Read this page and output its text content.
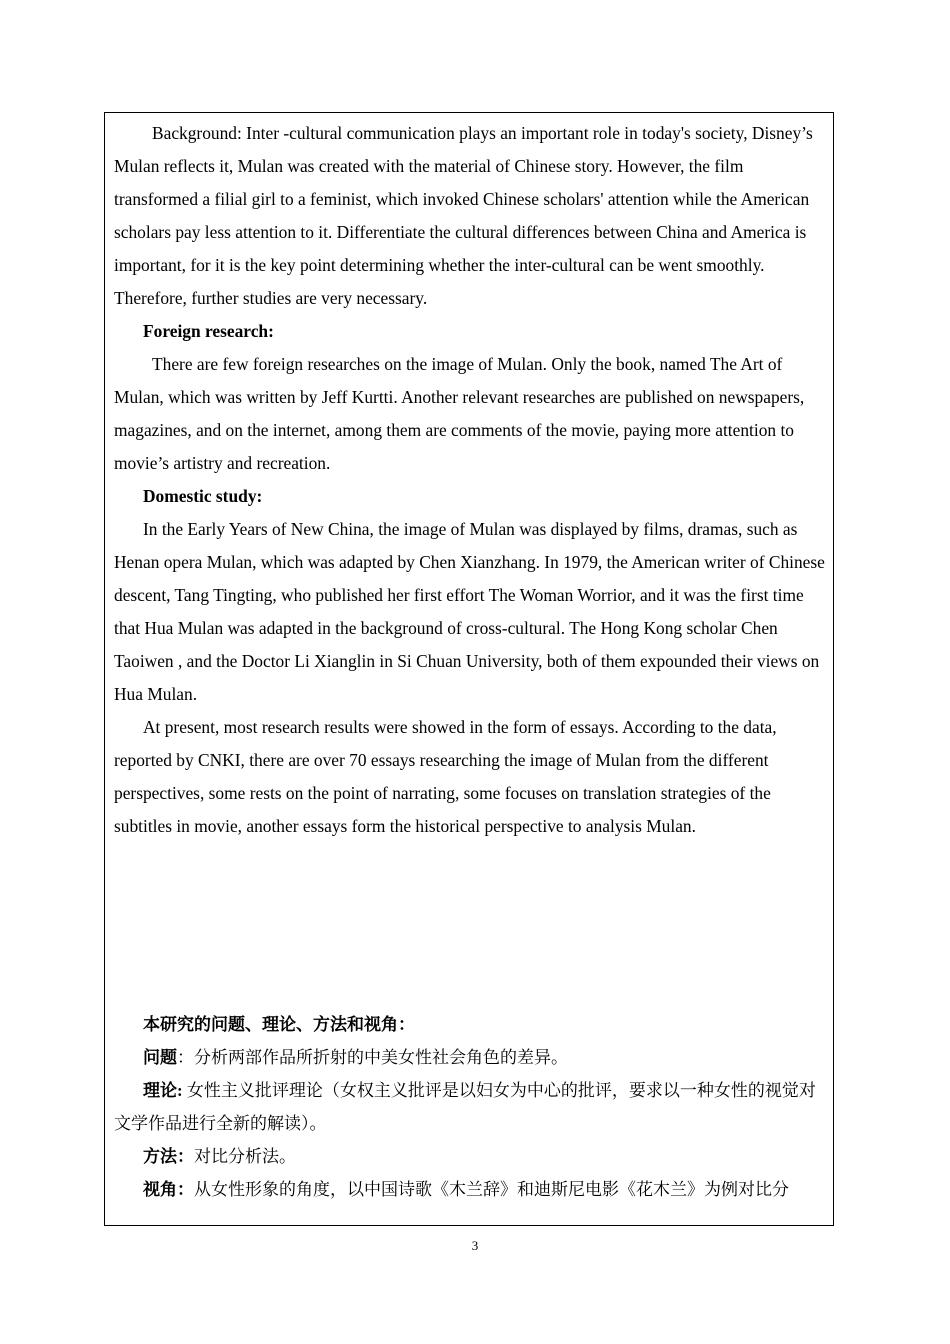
Background: Inter -cultural communication plays an important role in today's society, Disney’s Mulan reflects it, Mulan was created with the material of Chinese story. However, the film transformed a filial girl to a feminist, which invoked Chinese scholars' attention while the American scholars pay less attention to it. Differentiate the cultural differences between China and America is important, for it is the key point determining whether the inter-cultural can be went smoothly. Therefore, further studies are very necessary.

Foreign research:

There are few foreign researches on the image of Mulan. Only the book, named The Art of Mulan, which was written by Jeff Kurtti. Another relevant researches are published on newspapers, magazines, and on the internet, among them are comments of the movie, paying more attention to movie’s artistry and recreation.

Domestic study:

In the Early Years of New China, the image of Mulan was displayed by films, dramas, such as Henan opera Mulan, which was adapted by Chen Xianzhang. In 1979, the American writer of Chinese descent, Tang Tingting, who published her first effort The Woman Worrior, and it was the first time that Hua Mulan was adapted in the background of cross-cultural. The Hong Kong scholar Chen Taoiwen , and the Doctor Li Xianglin in Si Chuan University, both of them expounded their views on Hua Mulan.

At present, most research results were showed in the form of essays. According to the data, reported by CNKI, there are over 70 essays researching the image of Mulan from the different perspectives, some rests on the point of narrating, some focuses on translation strategies of the subtitles in movie, another essays form the historical perspective to analysis Mulan.

本研究的问题、理论、方法和视角：

问题：分析两部作品所折射的中美女性社会角色的差异。

理论: 女性主义批评理论（女权主义批评是以妇女为中心的批评，要求以一种女性的视觉对文学作品进行全新的解读）。

方法：对比分析法。

视角：从女性形象的角度，以中国诗歌《木兰辞》和迪斯尼电影《花木兰》为例对比分

3
